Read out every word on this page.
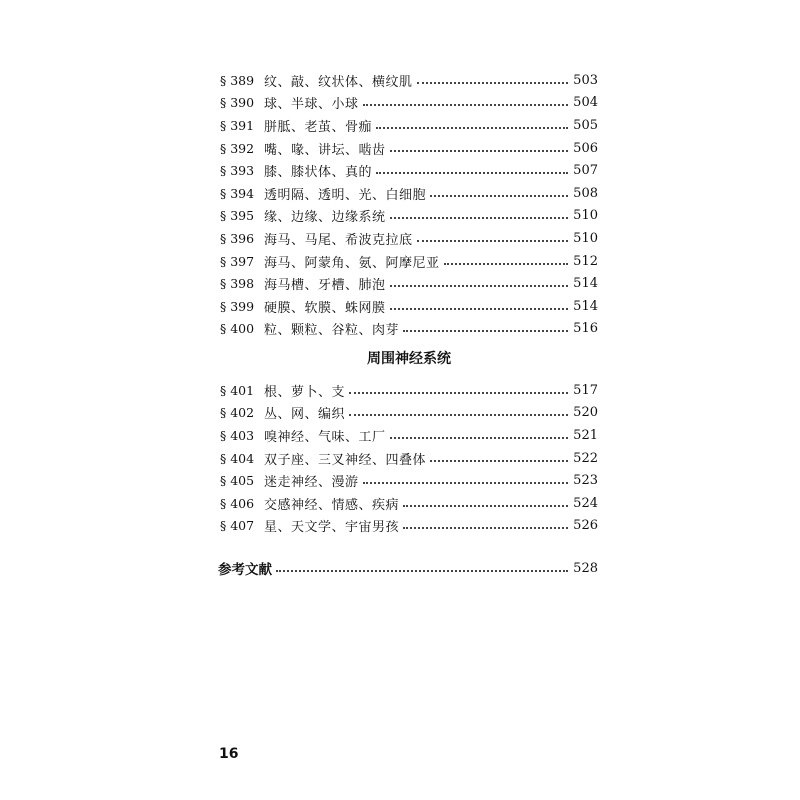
§ 389 纹、敲、纹状体、横纹肌	503
§ 390 球、半球、小球	504
§ 391 胼胝、老茧、骨痂	505
§ 392 嘴、喙、讲坛、啮齿	506
§ 393 膝、膝状体、真的	507
§ 394 透明隔、透明、光、白细胞	508
§ 395 缘、边缘、边缘系统	510
§ 396 海马、马尾、希波克拉底	510
§ 397 海马、阿蒙角、氨、阿摩尼亚	512
§ 398 海马槽、牙槽、肺泡	514
§ 399 硬膜、软膜、蛛网膜	514
§ 400 粒、颗粒、谷粒、肉芽	516
周围神经系统
§ 401 根、萝卜、支	517
§ 402 丛、网、编织	520
§ 403 嗅神经、气味、工厂	521
§ 404 双子座、三叉神经、四叠体	522
§ 405 迷走神经、漫游	523
§ 406 交感神经、情感、疾病	524
§ 407 星、天文学、宇宙男孩	526
参考文献	528
16
